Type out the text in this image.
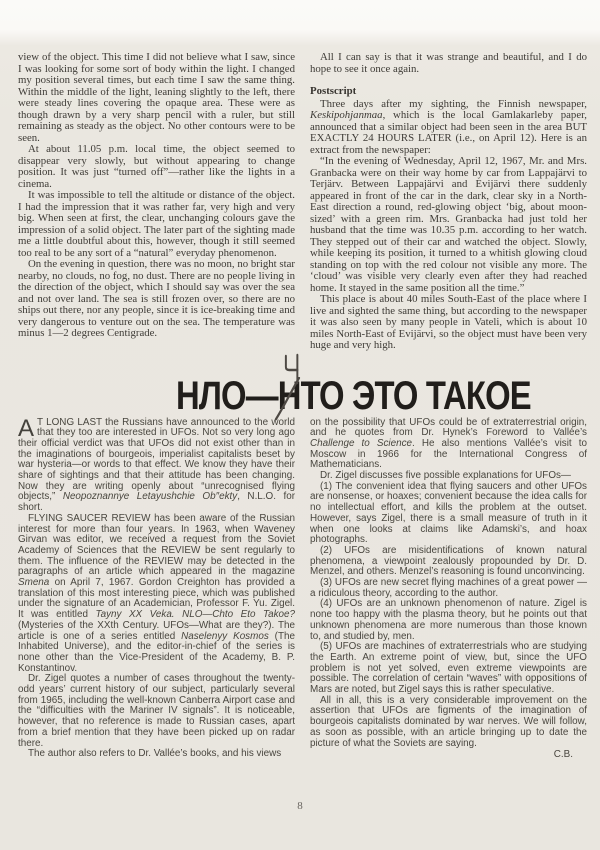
view of the object. This time I did not believe what I saw, since I was looking for some sort of body within the light. I changed my position several times, but each time I saw the same thing. Within the middle of the light, leaning slightly to the left, there were steady lines covering the opaque area. These were as though drawn by a very sharp pencil with a ruler, but still remaining as steady as the object. No other contours were to be seen.

At about 11.05 p.m. local time, the object seemed to disappear very slowly, but without appearing to change position. It was just “turned off”—rather like the lights in a cinema.

It was impossible to tell the altitude or distance of the object. I had the impression that it was rather far, very high and very big. When seen at first, the clear, unchanging colours gave the impression of a solid object. The later part of the sighting made me a little doubtful about this, however, though it still seemed too real to be any sort of a “natural” everyday phenomenon.

On the evening in question, there was no moon, no bright star nearby, no clouds, no fog, no dust. There are no people living in the direction of the object, which I should say was over the sea and not over land. The sea is still frozen over, so there are no ships out there, nor any people, since it is ice-breaking time and very dangerous to venture out on the sea. The temperature was minus 1—2 degrees Centigrade.

All I can say is that it was strange and beautiful, and I do hope to see it once again.

Postscript

Three days after my sighting, the Finnish newspaper, Keskipohjanmaa, which is the local Gamlakarleby paper, announced that a similar object had been seen in the area BUT EXACTLY 24 HOURS LATER (i.e., on April 12). Here is an extract from the newspaper:

“In the evening of Wednesday, April 12, 1967, Mr. and Mrs. Granbacka were on their way home by car from Lappajärvi to Terjärv. Between Lappajärvi and Evijärvi there suddenly appeared in front of the car in the dark, clear sky in a North-East direction a round, red-glowing object ‘big, about moon-sized’ with a green rim. Mrs. Granbacka had just told her husband that the time was 10.35 p.m. according to her watch. They stepped out of their car and watched the object. Slowly, while keeping its position, it turned to a whitish glowing cloud standing on top with the red colour not visible any more. The ‘cloud’ was visible very clearly even after they had reached home. It stayed in the same position all the time.”

This place is about 40 miles South-East of the place where I live and sighted the same thing, but according to the newspaper it was also seen by many people in Vateli, which is about 10 miles North-East of Evijärvi, so the object must have been very huge and very high.

НЛО—Н
ТО ЭТО ТАКОЕ

A T LONG LAST the Russians have announced to the world that they too are interested in UFOs. Not so very long ago their official verdict was that UFOs did not exist other than in the imaginations of bourgeois, imperialist capitalists beset by war hysteria—or words to that effect. We know they have their share of sightings and that their attitude has been changing. Now they are writing openly about “unrecognised flying objects,” Neopoznannye Letayushchie Ob″ekty, N.L.O. for short.

FLYING SAUCER REVIEW has been aware of the Russian interest for more than four years. In 1963, when Waveney Girvan was editor, we received a request from the Soviet Academy of Sciences that the REVIEW be sent regularly to them. The influence of the REVIEW may be detected in the paragraphs of an article which appeared in the magazine Smena on April 7, 1967. Gordon Creighton has provided a translation of this most interesting piece, which was published under the signature of an Academician, Professor F. Yu. Zigel. It was entitled Tayny XX Veka. NLO—Chto Eto Takoe? (Mysteries of the XXth Century. UFOs—What are they?). The article is one of a series entitled Naselenyy Kosmos (The Inhabited Universe), and the editor-in-chief of the series is none other than the Vice-President of the Academy, B. P. Konstantinov.

Dr. Zigel quotes a number of cases throughout the twenty-odd years’ current history of our subject, particularly several from 1965, including the well-known Canberra Airport case and the “difficulties with the Mariner IV signals”. It is noticeable, however, that no reference is made to Russian cases, apart from a brief mention that they have been picked up on radar there.

The author also refers to Dr. Vallée’s books, and his views

on the possibility that UFOs could be of extraterrestrial origin, and he quotes from Dr. Hynek’s Foreword to Vallée’s Challenge to Science. He also mentions Vallée’s visit to Moscow in 1966 for the International Congress of Mathematicians.

Dr. Zigel discusses five possible explanations for UFOs—

(1) The convenient idea that flying saucers and other UFOs are nonsense, or hoaxes; convenient because the idea calls for no intellectual effort, and kills the problem at the outset. However, says Zigel, there is a small measure of truth in it when one looks at claims like Adamski’s, and hoax photographs.

(2) UFOs are misidentifications of known natural phenomena, a viewpoint zealously propounded by Dr. D. Menzel, and others. Menzel’s reasoning is found unconvincing.

(3) UFOs are new secret flying machines of a great power —a ridiculous theory, according to the author.

(4) UFOs are an unknown phenomenon of nature. Zigel is none too happy with the plasma theory, but he points out that unknown phenomena are more numerous than those known to, and studied by, men.

(5) UFOs are machines of extraterrestrials who are studying the Earth. An extreme point of view, but, since the UFO problem is not yet solved, even extreme viewpoints are possible. The correlation of certain “waves” with oppositions of Mars are noted, but Zigel says this is rather speculative.

All in all, this is a very considerable improvement on the assertion that UFOs are figments of the imagination of bourgeois capitalists dominated by war nerves. We will follow, as soon as possible, with an article bringing up to date the picture of what the Soviets are saying.

C.B.

8
